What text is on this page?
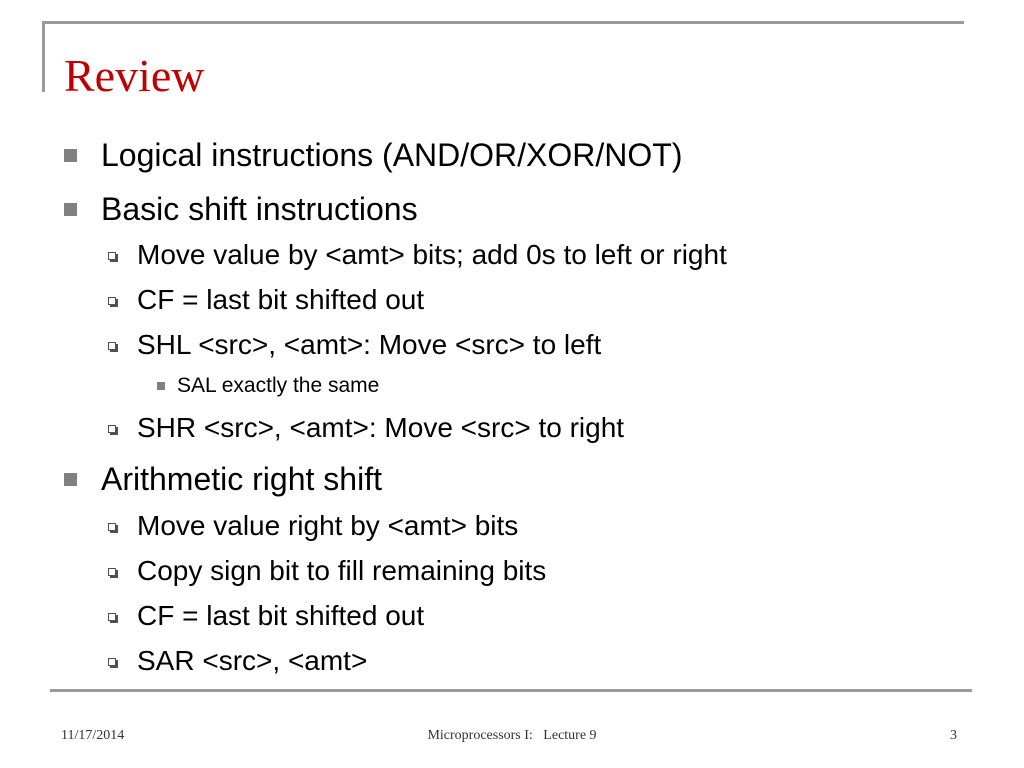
Review
Logical instructions (AND/OR/XOR/NOT)
Basic shift instructions
Move value by <amt> bits; add 0s to left or right
CF = last bit shifted out
SHL <src>, <amt>: Move <src> to left
SAL exactly the same
SHR <src>, <amt>: Move <src> to right
Arithmetic right shift
Move value right by <amt> bits
Copy sign bit to fill remaining bits
CF = last bit shifted out
SAR <src>, <amt>
11/17/2014	Microprocessors I:   Lecture 9	3
